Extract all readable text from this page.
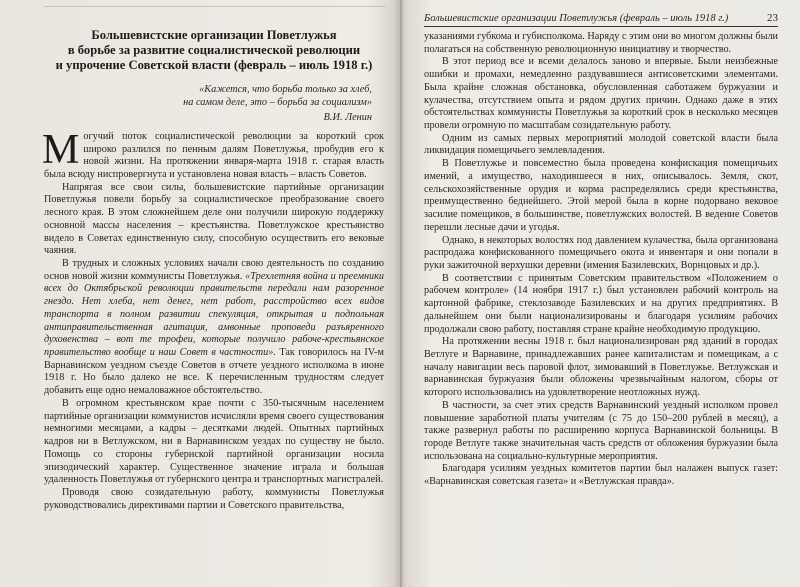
Большевистские организации Поветлужья
в борьбе за развитие социалистической революции
и упрочение Советской власти (февраль – июль 1918 г.)
«Кажется, что борьба только за хлеб,
на самом деле, это – борьба за социализм»
В.И. Ленин

Могучий поток социалистической революции за короткий срок широко разлился по пенным далям Поветлужья, пробудив его к новой жизни. На протяжении января-марта 1918 г. старая власть была всюду ниспровергнута и установлена новая власть – власть Советов.

Напрягая все свои силы, большевистские партийные организации Поветлужья повели борьбу за социалистическое преобразование своего лесного края. В этом сложнейшем деле они получили широкую поддержку основной массы населения – крестьянства. Поветлужское крестьянство видело в Советах единственную силу, способную осуществить его вековые чаяния.

В трудных и сложных условиях начали свою деятельность по созданию основ новой жизни коммунисты Поветлужья. «Трехлетняя война и преемники всех до Октябрьской революции правительств передали нам разоренное гнездо. Нет хлеба, нет денег, нет работ, расстройство всех видов транспорта в полном развитии спекуляция, открытая и подпольная антиправительственная агитация, амвонные проповеди разъяренного духовенства – вот те трофеи, которые получило рабоче-крестьянское правительство вообще и наш Совет в частности». Так говорилось на IV-м Варнавинском уездном съезде Советов в отчете уездного исполкома в июне 1918 г. Но было далеко не все. К перечисленным трудностям следует добавить еще одно немаловажное обстоятельство.

В огромном крестьянском крае почти с 350-тысячным населением партийные организации коммунистов исчисляли время своего существования немногими месяцами, а кадры – десятками людей. Опытных партийных кадров ни в Ветлужском, ни в Варнавинском уездах по существу не было. Помощь со стороны губернской партийной организации носила эпизодический характер. Существенное значение играла и большая удаленность Поветлужья от губернского центра и транспортных магистралей.

Проводя свою созидательную работу, коммунисты Поветлужья руководствовались директивами партии и Советского правительства,

Большевистские организации Поветлужья (февраль – июль 1918 г.)	23

указаниями губкома и губисполкома. Наряду с этим они во многом должны были полагаться на собственную революционную инициативу и творчество.

В этот период все и всеми делалось заново и впервые. Были неизбежные ошибки и промахи, немедленно раздувавшиеся антисоветскими элементами. Была крайне сложная обстановка, обусловленная саботажем буржуазии и кулачества, отсутствием опыта и рядом других причин. Однако даже в этих обстоятельствах коммунисты Поветлужья за короткий срок в несколько месяцев провели огромную по масштабам созидательную работу.

Одним из самых первых мероприятий молодой советской власти была ликвидация помещичьего землевладения.

В Поветлужье и повсеместно была проведена конфискация помещичьих имений, а имущество, находившееся в них, описывалось. Земля, скот, сельскохозяйственные орудия и корма распределялись среди крестьянства, преимущественно беднейшего. Этой мерой была в корне подорвано вековое засилие помещиков, в большинстве, поветлужских волостей. В ведение Советов перешли лесные дачи и угодья.

Однако, в некоторых волостях под давлением кулачества, была организована распродажа конфискованного помещичьего окота и инвентаря и они попали в руки зажиточной верхушки деревни (имения Базилевских, Ворнцовых и др.).

В соответствии с принятым Советским правительством «Положением о рабочем контроле» (14 ноября 1917 г.) был установлен рабочий контроль на картонной фабрике, стеклозаводе Базилевских и на других предприятиях. В дальнейшем они были национализированы и благодаря усилиям рабочих продолжали свою работу, поставляя стране крайне необходимую продукцию.

На протяжении весны 1918 г. был национализирован ряд зданий в городах Ветлуге и Варнавине, принадлежавших ранее капиталистам и помещикам, а с началу навигации весь паровой флот, зимовавший в Поветлужье. Ветлужская и варнавинская буржуазия были обложены чрезвычайным налогом, сборы от которого использовались на удовлетворение неотложных нужд.

В частности, за счет этих средств Варнавинский уездный исполком провел повышение заработной платы учителям (с 75 до 150–200 рублей в месяц), а также развернул работы по расширению корпуса Варнавинской больницы. В городе Ветлуге также значительная часть средств от обложения буржуазии была использована на социально-культурные мероприятия.

Благодаря усилиям уездных комитетов партии был налажен выпуск газет: «Варнавинская советская газета» и «Ветлужская правда».
